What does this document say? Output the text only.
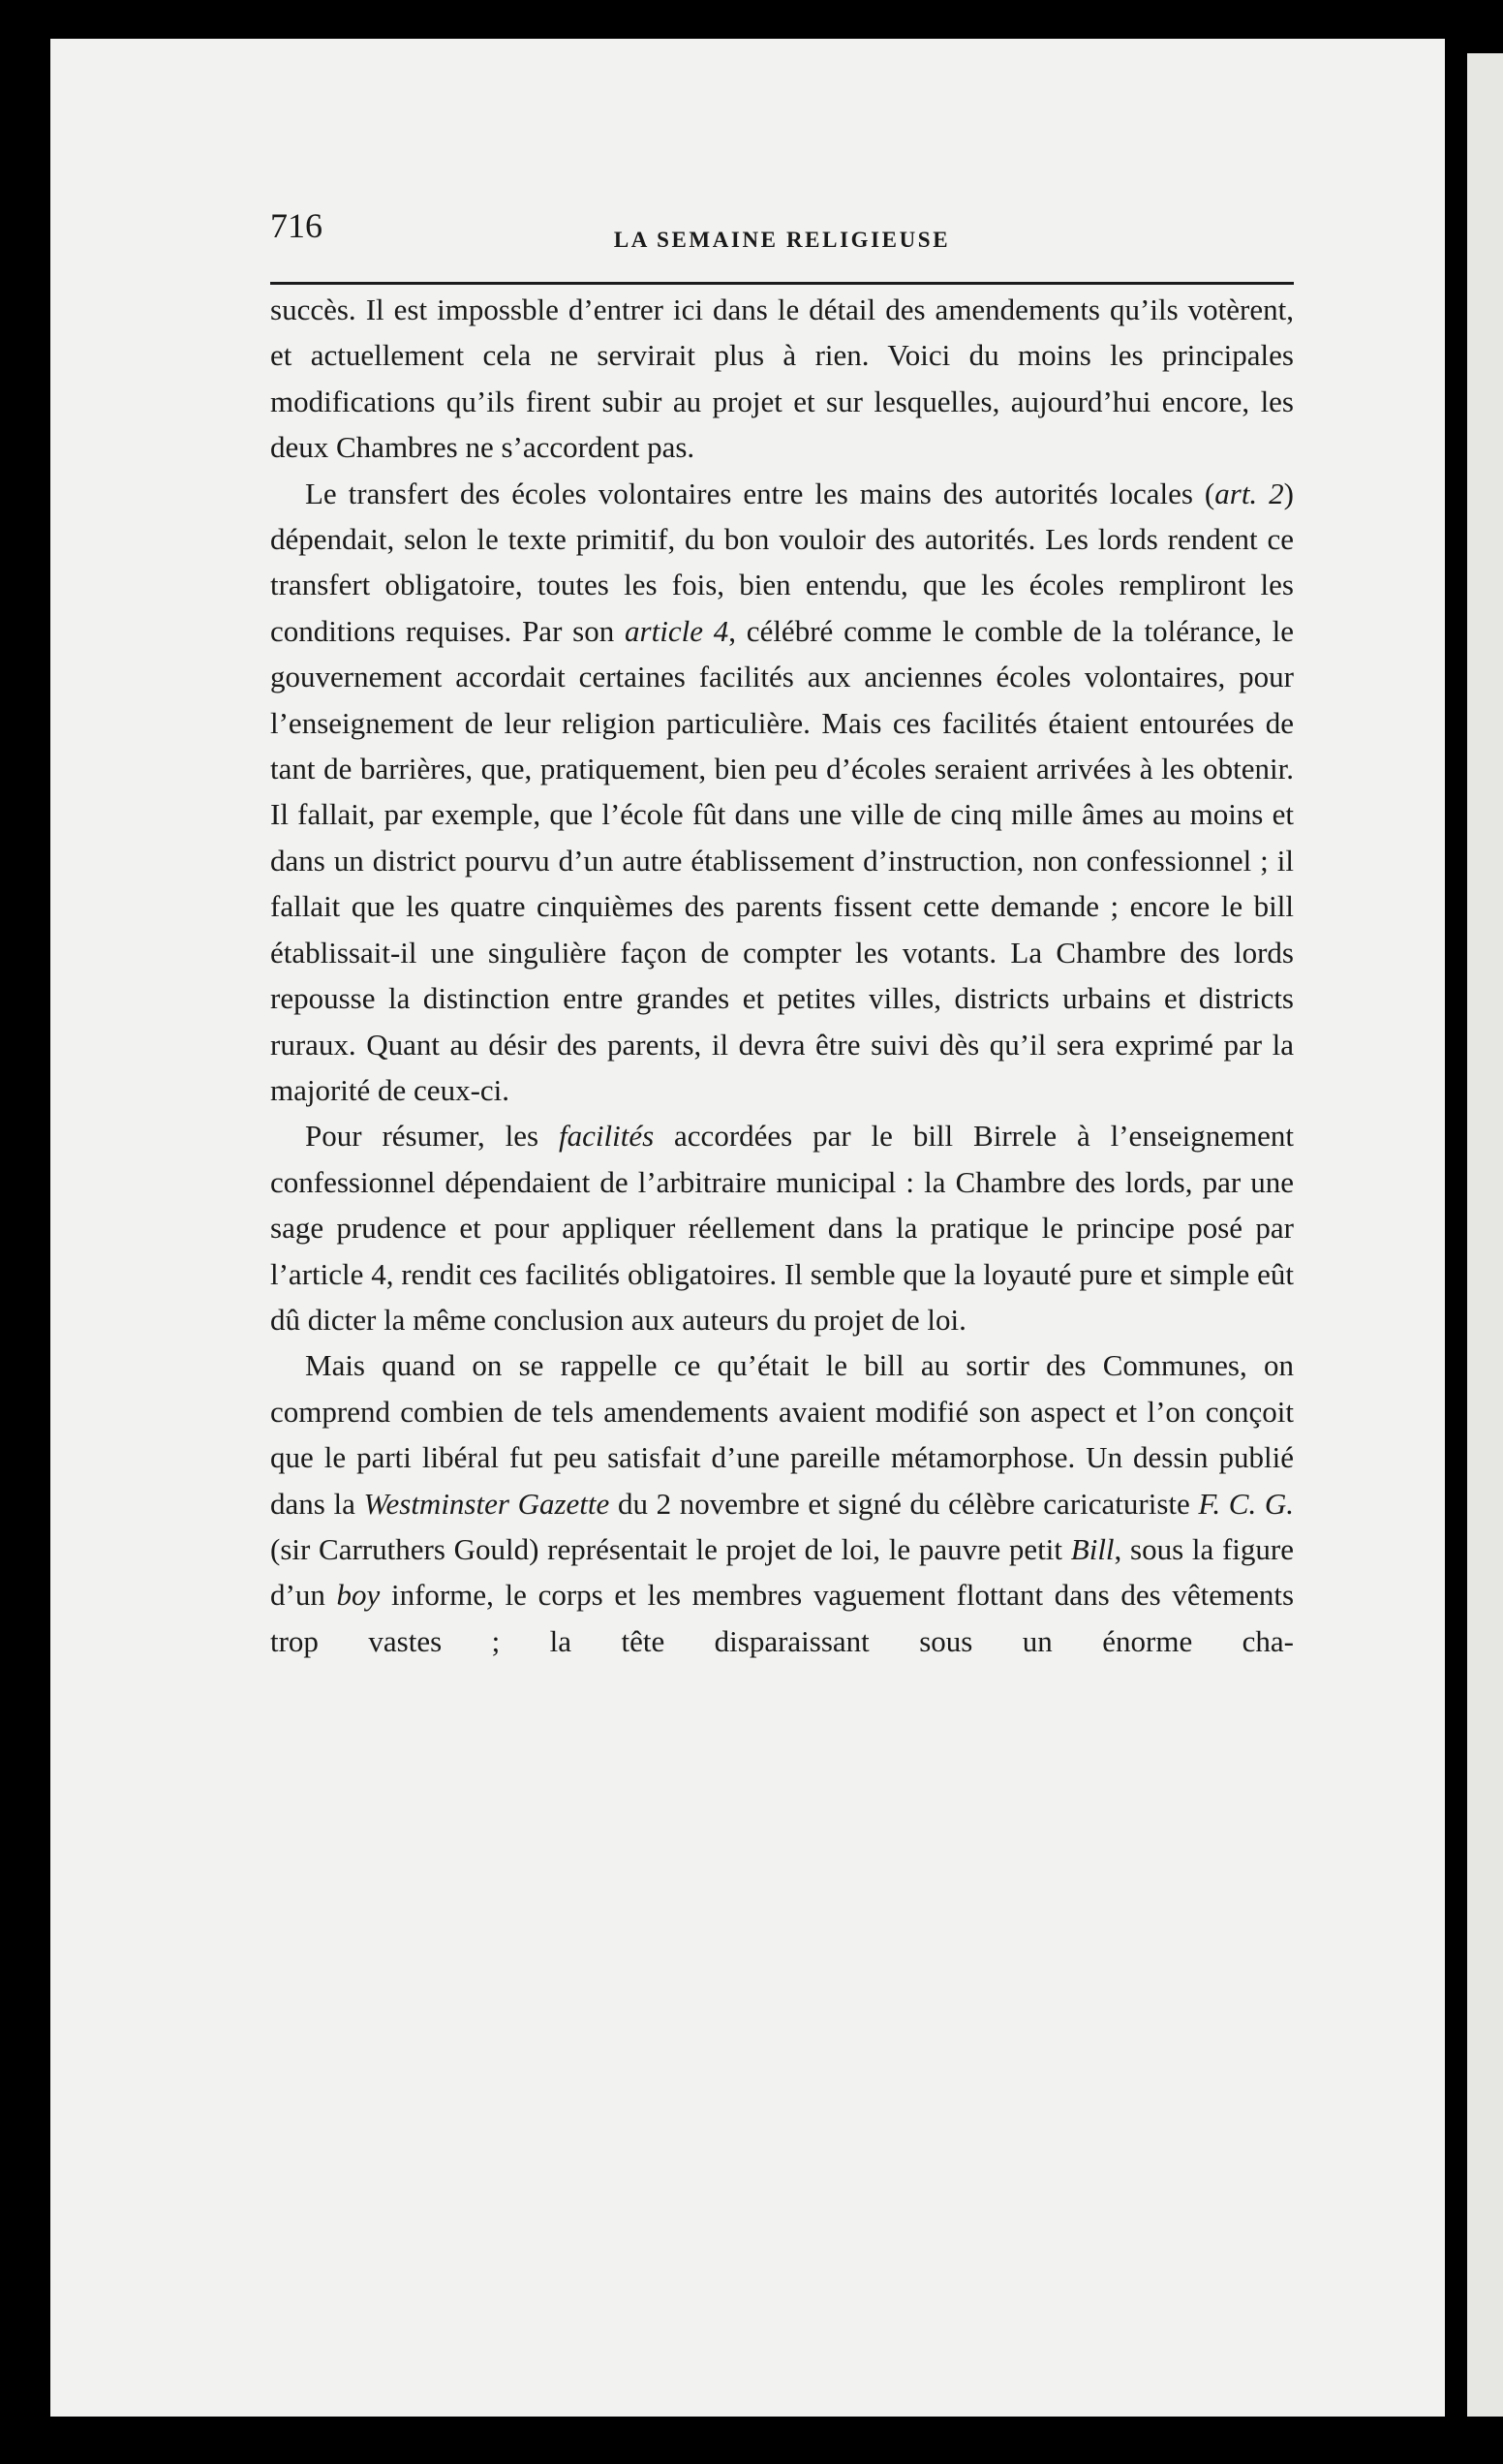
716	LA SEMAINE RELIGIEUSE

succès. Il est impossble d’entrer ici dans le détail des amendements qu’ils votèrent, et actuellement cela ne servirait plus à rien. Voici du moins les principales modifications qu’ils firent subir au projet et sur lesquelles, aujourd’hui encore, les deux Chambres ne s’accordent pas.

Le transfert des écoles volontaires entre les mains des autorités locales (art. 2) dépendait, selon le texte primitif, du bon vouloir des autorités. Les lords rendent ce transfert obligatoire, toutes les fois, bien entendu, que les écoles rempliront les conditions requises. Par son article 4, célébré comme le comble de la tolérance, le gouvernement accordait certaines facilités aux anciennes écoles volontaires, pour l’enseignement de leur religion particulière. Mais ces facilités étaient entourées de tant de barrières, que, pratiquement, bien peu d’écoles seraient arrivées à les obtenir. Il fallait, par exemple, que l’école fût dans une ville de cinq mille âmes au moins et dans un district pourvu d’un autre établissement d’instruction, non confessionnel ; il fallait que les quatre cinquièmes des parents fissent cette demande ; encore le bill établissait-il une singulière façon de compter les votants. La Chambre des lords repousse la distinction entre grandes et petites villes, districts urbains et districts ruraux. Quant au désir des parents, il devra être suivi dès qu’il sera exprimé par la majorité de ceux-ci.

Pour résumer, les facilités accordées par le bill Birrele à l’enseignement confessionnel dépendaient de l’arbitraire municipal : la Chambre des lords, par une sage prudence et pour appliquer réellement dans la pratique le principe posé par l’article 4, rendit ces facilités obligatoires. Il semble que la loyauté pure et simple eût dû dicter la même conclusion aux auteurs du projet de loi.

Mais quand on se rappelle ce qu’était le bill au sortir des Communes, on comprend combien de tels amendements avaient modifié son aspect et l’on conçoit que le parti libéral fut peu satisfait d’une pareille métamorphose. Un dessin publié dans la Westminster Gazette du 2 novembre et signé du célèbre caricaturiste F. C. G. (sir Carruthers Gould) représentait le projet de loi, le pauvre petit Bill, sous la figure d’un boy informe, le corps et les membres vaguement flottant dans des vêtements trop vastes ; la tête disparaissant sous un énorme cha-
